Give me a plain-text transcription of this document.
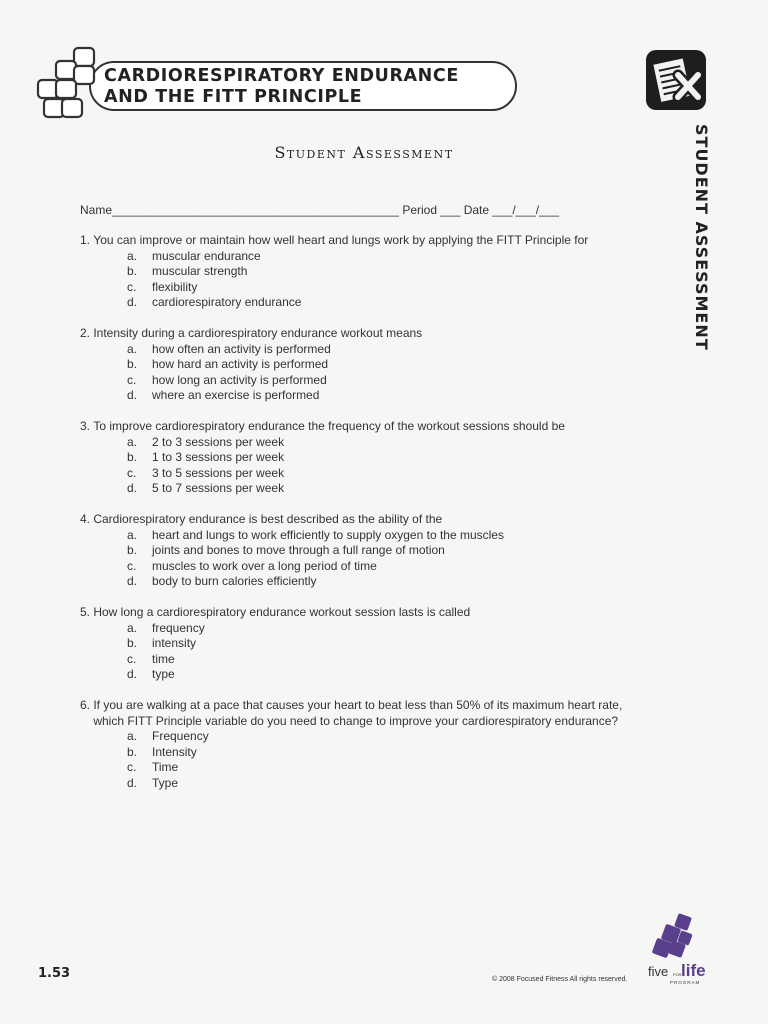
CARDIORESPIRATORY ENDURANCE
AND THE FITT PRINCIPLE
STUDENT ASSESSMENT
Student Assessment
Name___________________________________________ Period ___ Date ___/___/___
1. You can improve or maintain how well heart and lungs work by applying the FITT Principle for
a.	muscular endurance
b.	muscular strength
c.	flexibility
d.	cardiorespiratory endurance
2. Intensity during a cardiorespiratory endurance workout means
a.	how often an activity is performed
b.	how hard an activity is performed
c.	how long an activity is performed
d.	where an exercise is performed
3. To improve cardiorespiratory endurance the frequency of the workout sessions should be
a.	2 to 3 sessions per week
b.	1 to 3 sessions per week
c.	3 to 5 sessions per week
d.	5 to 7 sessions per week
4. Cardiorespiratory endurance is best described as the ability of the
a.	heart and lungs to work efficiently to supply oxygen to the muscles
b.	joints and bones to move through a full range of motion
c.	muscles to work over a long period of time
d.	body to burn calories efficiently
5. How long a cardiorespiratory endurance workout session lasts is called
a.	frequency
b.	intensity
c.	time
d.	type
6. If you are walking at a pace that causes your heart to beat less than 50% of its maximum heart rate, which FITT Principle variable do you need to change to improve your cardiorespiratory endurance?
a.	Frequency
b.	Intensity
c.	Time
d.	Type
1.53	© 2008 Focused Fitness All rights reserved.
five FOR life
PROGRAM
